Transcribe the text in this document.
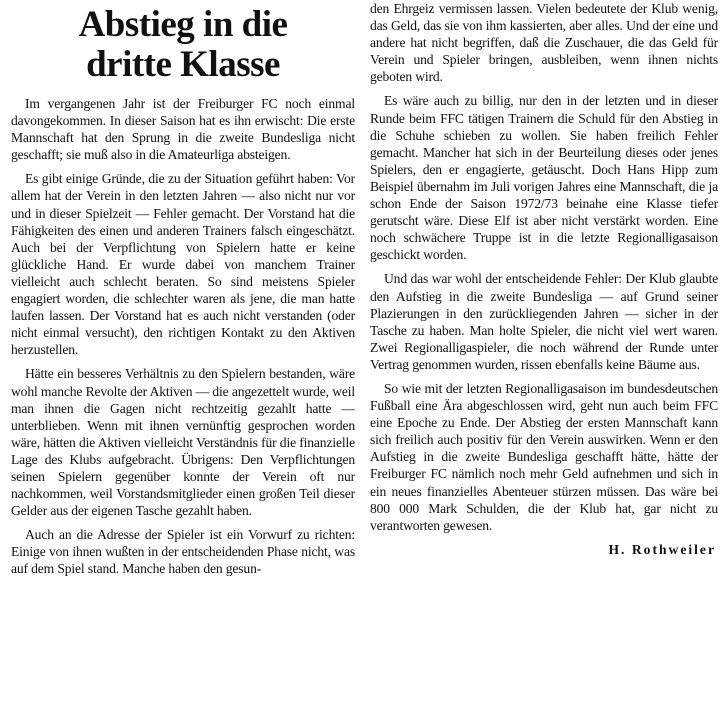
Abstieg in die
dritte Klasse

Im vergangenen Jahr ist der Freiburger FC noch einmal davongekommen. In dieser Saison hat es ihn erwischt: Die erste Mannschaft hat den Sprung in die zweite Bundesliga nicht geschafft; sie muß also in die Amateurliga absteigen.

Es gibt einige Gründe, die zu der Situation geführt haben: Vor allem hat der Verein in den letzten Jahren — also nicht nur vor und in dieser Spielzeit — Fehler gemacht. Der Vorstand hat die Fähigkeiten des einen und anderen Trainers falsch eingeschätzt. Auch bei der Verpflichtung von Spielern hatte er keine glückliche Hand. Er wurde dabei von manchem Trainer vielleicht auch schlecht beraten. So sind meistens Spieler engagiert worden, die schlechter waren als jene, die man hatte laufen lassen. Der Vorstand hat es auch nicht verstanden (oder nicht einmal versucht), den richtigen Kontakt zu den Aktiven herzustellen.

Hätte ein besseres Verhältnis zu den Spielern bestanden, wäre wohl manche Revolte der Aktiven — die angezettelt wurde, weil man ihnen die Gagen nicht rechtzeitig gezahlt hatte — unterblieben. Wenn mit ihnen vernünftig gesprochen worden wäre, hätten die Aktiven vielleicht Verständnis für die finanzielle Lage des Klubs aufgebracht. Übrigens: Den Verpflichtungen seinen Spielern gegenüber konnte der Verein oft nur nachkommen, weil Vorstandsmitglieder einen großen Teil dieser Gelder aus der eigenen Tasche gezahlt haben.

Auch an die Adresse der Spieler ist ein Vorwurf zu richten: Einige von ihnen wußten in der entscheidenden Phase nicht, was auf dem Spiel stand. Manche haben den gesun-

den Ehrgeiz vermissen lassen. Vielen bedeutete der Klub wenig, das Geld, das sie von ihm kassierten, aber alles. Und der eine und andere hat nicht begriffen, daß die Zuschauer, die das Geld für Verein und Spieler bringen, ausbleiben, wenn ihnen nichts geboten wird.

Es wäre auch zu billig, nur den in der letzten und in dieser Runde beim FFC tätigen Trainern die Schuld für den Abstieg in die Schuhe schieben zu wollen. Sie haben freilich Fehler gemacht. Mancher hat sich in der Beurteilung dieses oder jenes Spielers, den er engagierte, getäuscht. Doch Hans Hipp zum Beispiel übernahm im Juli vorigen Jahres eine Mannschaft, die ja schon Ende der Saison 1972/73 beinahe eine Klasse tiefer gerutscht wäre. Diese Elf ist aber nicht verstärkt worden. Eine noch schwächere Truppe ist in die letzte Regionalligasaison geschickt worden.

Und das war wohl der entscheidende Fehler: Der Klub glaubte den Aufstieg in die zweite Bundesliga — auf Grund seiner Plazierungen in den zurückliegenden Jahren — sicher in der Tasche zu haben. Man holte Spieler, die nicht viel wert waren. Zwei Regionalligaspieler, die noch während der Runde unter Vertrag genommen wurden, rissen ebenfalls keine Bäume aus.

So wie mit der letzten Regionalligasaison im bundesdeutschen Fußball eine Ära abgeschlossen wird, geht nun auch beim FFC eine Epoche zu Ende. Der Abstieg der ersten Mannschaft kann sich freilich auch positiv für den Verein auswirken. Wenn er den Aufstieg in die zweite Bundesliga geschafft hätte, hätte der Freiburger FC nämlich noch mehr Geld aufnehmen und sich in ein neues finanzielles Abenteuer stürzen müssen. Das wäre bei 800 000 Mark Schulden, die der Klub hat, gar nicht zu verantworten gewesen.

H. Rothweiler
